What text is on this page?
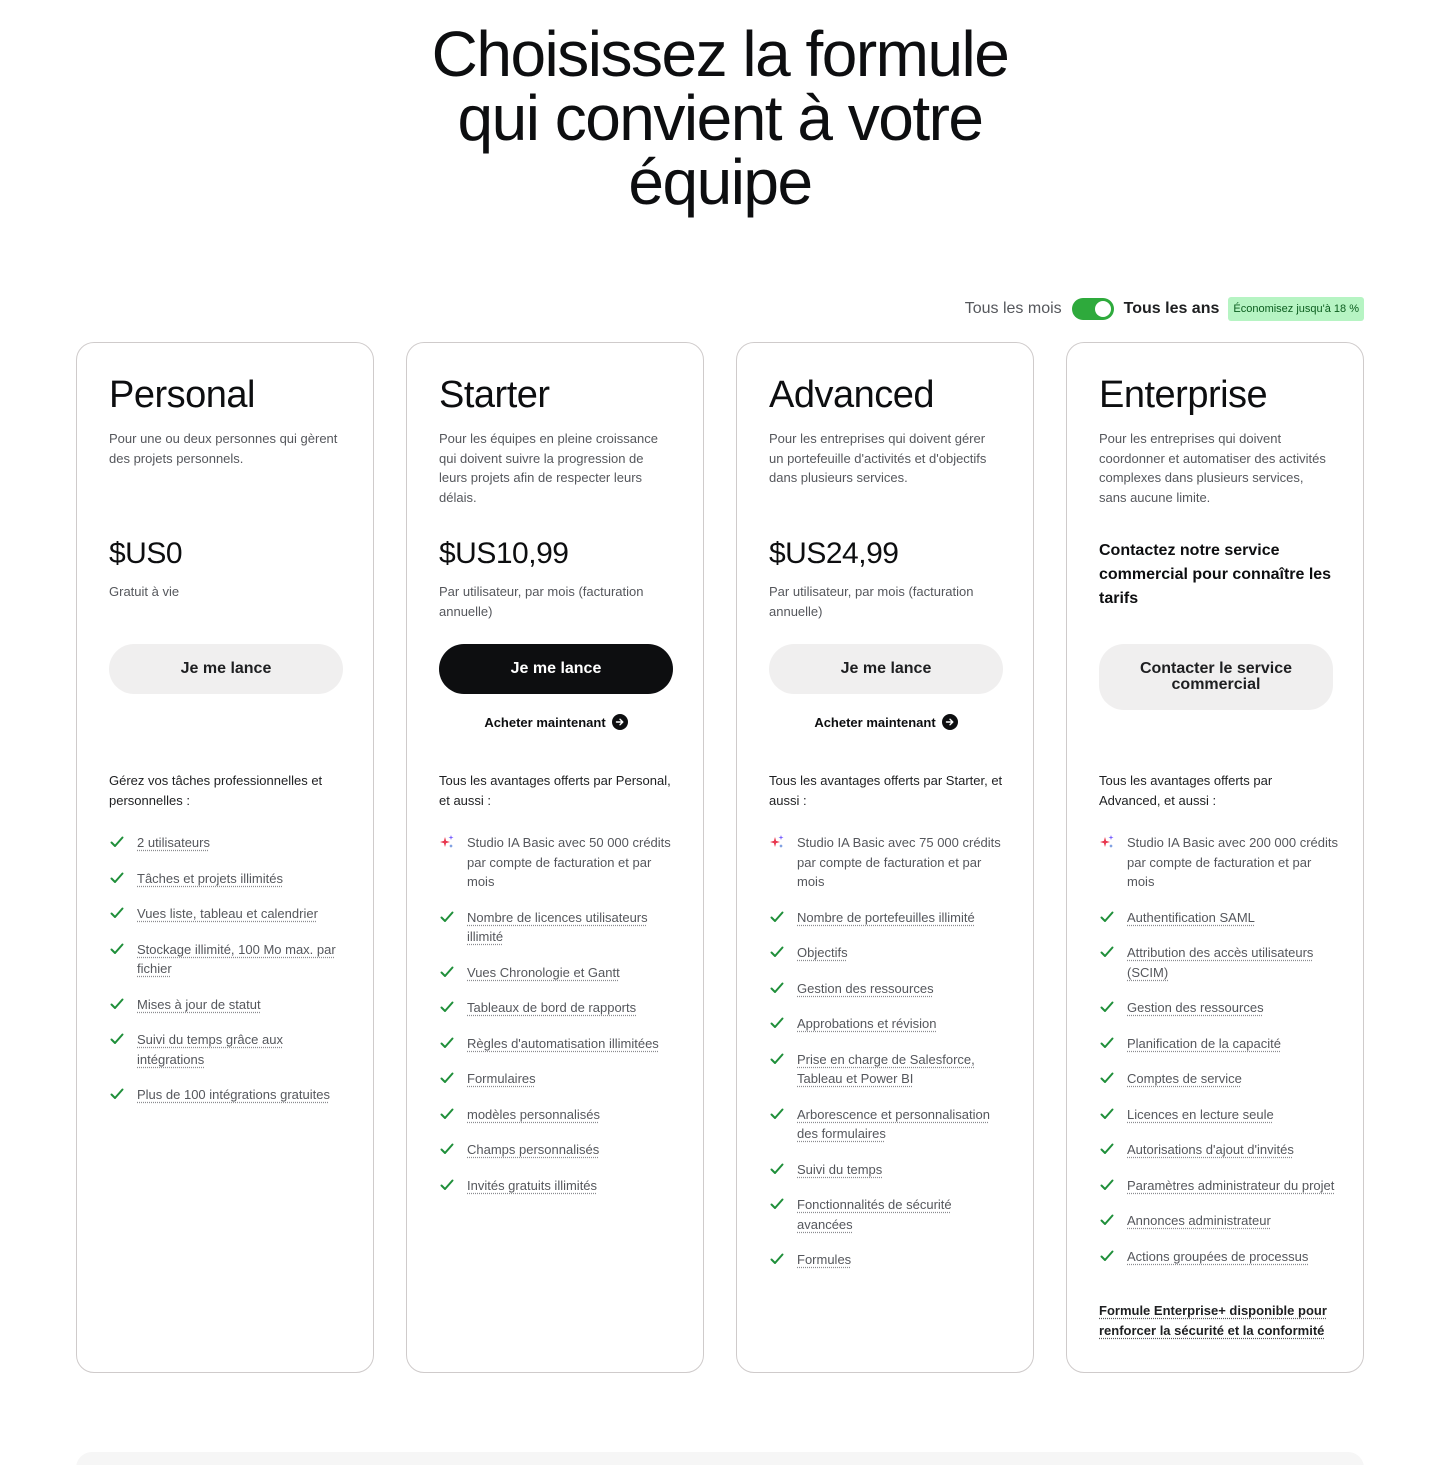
Choisissez la formule
qui convient à votre
équipe
Tous les mois	Tous les ans	Économisez jusqu'à 18 %
Personal
Pour une ou deux personnes qui gèrent des projets personnels.
$US0
Gratuit à vie
Je me lance
Gérez vos tâches professionnelles et personnelles :
2 utilisateurs
Tâches et projets illimités
Vues liste, tableau et calendrier
Stockage illimité, 100 Mo max. par fichier
Mises à jour de statut
Suivi du temps grâce aux intégrations
Plus de 100 intégrations gratuites
Starter
Pour les équipes en pleine croissance qui doivent suivre la progression de leurs projets afin de respecter leurs délais.
$US10,99
Par utilisateur, par mois (facturation annuelle)
Je me lance
Acheter maintenant
Tous les avantages offerts par Personal, et aussi :
Studio IA Basic avec 50 000 crédits par compte de facturation et par mois
Nombre de licences utilisateurs illimité
Vues Chronologie et Gantt
Tableaux de bord de rapports
Règles d'automatisation illimitées
Formulaires
modèles personnalisés
Champs personnalisés
Invités gratuits illimités
Advanced
Pour les entreprises qui doivent gérer un portefeuille d'activités et d'objectifs dans plusieurs services.
$US24,99
Par utilisateur, par mois (facturation annuelle)
Je me lance
Acheter maintenant
Tous les avantages offerts par Starter, et aussi :
Studio IA Basic avec 75 000 crédits par compte de facturation et par mois
Nombre de portefeuilles illimité
Objectifs
Gestion des ressources
Approbations et révision
Prise en charge de Salesforce, Tableau et Power BI
Arborescence et personnalisation des formulaires
Suivi du temps
Fonctionnalités de sécurité avancées
Formules
Enterprise
Pour les entreprises qui doivent coordonner et automatiser des activités complexes dans plusieurs services, sans aucune limite.
Contactez notre service commercial pour connaître les tarifs
Contacter le service commercial
Tous les avantages offerts par Advanced, et aussi :
Studio IA Basic avec 200 000 crédits par compte de facturation et par mois
Authentification SAML
Attribution des accès utilisateurs (SCIM)
Gestion des ressources
Planification de la capacité
Comptes de service
Licences en lecture seule
Autorisations d'ajout d'invités
Paramètres administrateur du projet
Annonces administrateur
Actions groupées de processus
Formule Enterprise+ disponible pour renforcer la sécurité et la conformité
